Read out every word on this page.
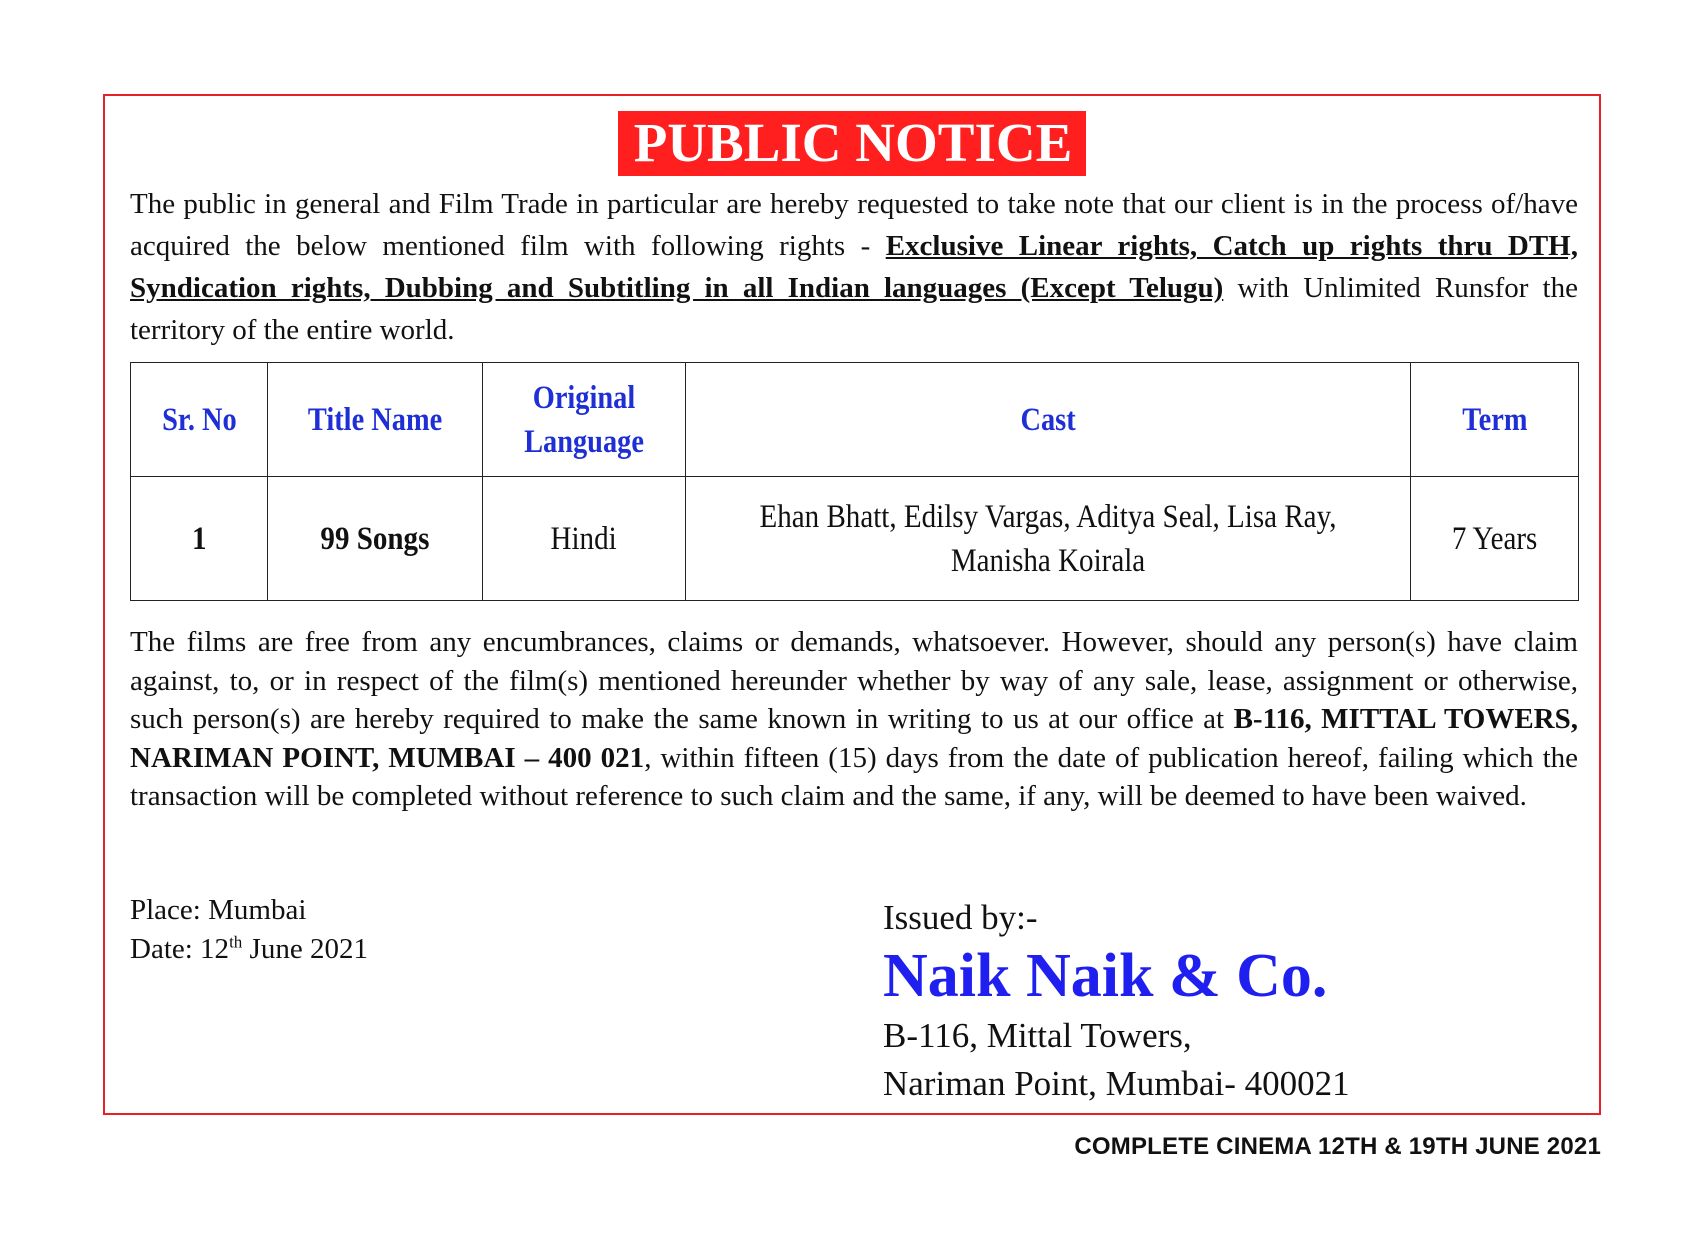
PUBLIC NOTICE

The public in general and Film Trade in particular are hereby requested to take note that our client is in the process of/have acquired the below mentioned film with following rights - Exclusive Linear rights, Catch up rights thru DTH, Syndication rights, Dubbing and Subtitling in all Indian languages (Except Telugu) with Unlimited Runsfor the territory of the entire world.

Sr. No	Title Name	Original Language	Cast	Term
1	99 Songs	Hindi	Ehan Bhatt, Edilsy Vargas, Aditya Seal, Lisa Ray, Manisha Koirala	7 Years

The films are free from any encumbrances, claims or demands, whatsoever. However, should any person(s) have claim against, to, or in respect of the film(s) mentioned hereunder whether by way of any sale, lease, assignment or otherwise, such person(s) are hereby required to make the same known in writing to us at our office at B-116, MITTAL TOWERS, NARIMAN POINT, MUMBAI – 400 021, within fifteen (15) days from the date of publication hereof, failing which the transaction will be completed without reference to such claim and the same, if any, will be deemed to have been waived.

Place: Mumbai
Date: 12th June 2021
Issued by:-
Naik Naik & Co.
B-116, Mittal Towers,
Nariman Point, Mumbai- 400021
COMPLETE CINEMA 12TH & 19TH JUNE 2021
